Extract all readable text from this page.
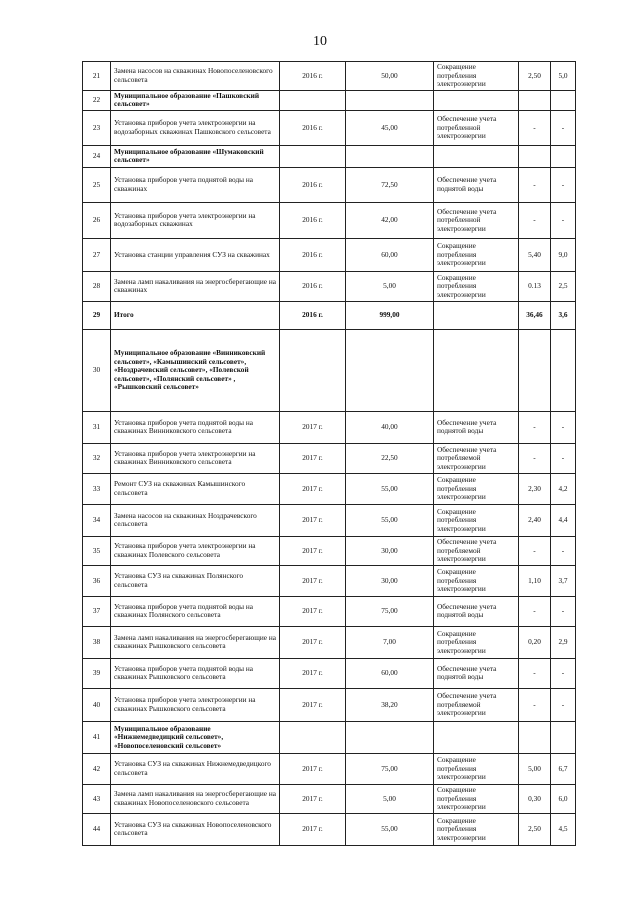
10
21	Замена насосов на скважинах Новопоселеновского сельсовета	2016 г.	50,00	Сокращение потребления электроэнергии	2,50	5,0
22	Муниципальное образование «Пашковский сельсовет»					
23	Установка приборов учета электроэнергии на водозаборных скважинах Пашковского сельсовета	2016 г.	45,00	Обеспечение учета потребленной электроэнергии	-	-
24	Муниципальное образование «Шумаковский сельсовет»					
25	Установка приборов учета поднятой воды на скважинах	2016 г.	72,50	Обеспечение учета поднятой воды	-	-
26	Установка приборов учета электроэнергии на водозаборных скважинах	2016 г.	42,00	Обеспечение учета потребленной электроэнергии	-	-
27	Установка станции управления СУЗ на скважинах	2016 г.	60,00	Сокращение потребления электроэнергии	5,40	9,0
28	Замена ламп накаливания на энергосберегающие на скважинах	2016 г.	5,00	Сокращение потребления электроэнергии	0.13	2,5
29	Итого	2016 г.	999,00		36,46	3,6
30	Муниципальное образование «Винниковский сельсовет», «Камышинский сельсовет», «Ноздрачевский сельсовет», «Полевской сельсовет», «Полянский сельсовет» , «Рышковский сельсовет»					
31	Установка приборов учета поднятой воды на скважинах Винниковского сельсовета	2017 г.	40,00	Обеспечение учета поднятой воды	-	-
32	Установка приборов учета электроэнергии на скважинах Винниковского сельсовета	2017 г.	22,50	Обеспечение учета потребляемой электроэнергии	-	-
33	Ремонт СУЗ на скважинах Камышинского сельсовета	2017 г.	55,00	Сокращение потребления электроэнергии	2,30	4,2
34	Замена насосов на скважинах Ноздрачевского сельсовета	2017 г.	55,00	Сокращение потребления электроэнергии	2,40	4,4
35	Установка приборов учета электроэнергии на скважинах Полевского сельсовета	2017 г.	30,00	Обеспечение учета потребляемой электроэнергии	-	-
36	Установка СУЗ на скважинах Полянского сельсовета	2017 г.	30,00	Сокращение потребления электроэнергии	1,10	3,7
37	Установка приборов учета поднятой воды на скважинах Полянского сельсовета	2017 г.	75,00	Обеспечение учета поднятой воды	-	-
38	Замена ламп накаливания на энергосберегающие на скважинах Рышковского сельсовета	2017 г.	7,00	Сокращение потребления электроэнергии	0,20	2,9
39	Установка приборов учета поднятой воды на скважинах Рышковского сельсовета	2017 г.	60,00	Обеспечение учета поднятой воды	-	-
40	Установка приборов учета электроэнергии на скважинах Рышковского сельсовета	2017 г.	38,20	Обеспечение учета потребляемой электроэнергии	-	-
41	Муниципальное образование «Нижнемедведицкий сельсовет», «Новопоселеновский сельсовет»					
42	Установка СУЗ на скважинах Нижнемедведицкого сельсовета	2017 г.	75,00	Сокращение потребления электроэнергии	5,00	6,7
43	Замена ламп накаливания на энергосберегающие на скважинах Новопоселеновского сельсовета	2017 г.	5,00	Сокращение потребления электроэнергии	0,30	6,0
44	Установка СУЗ на скважинах Новопоселеновского сельсовета	2017 г.	55,00	Сокращение потребления электроэнергии	2,50	4,5
